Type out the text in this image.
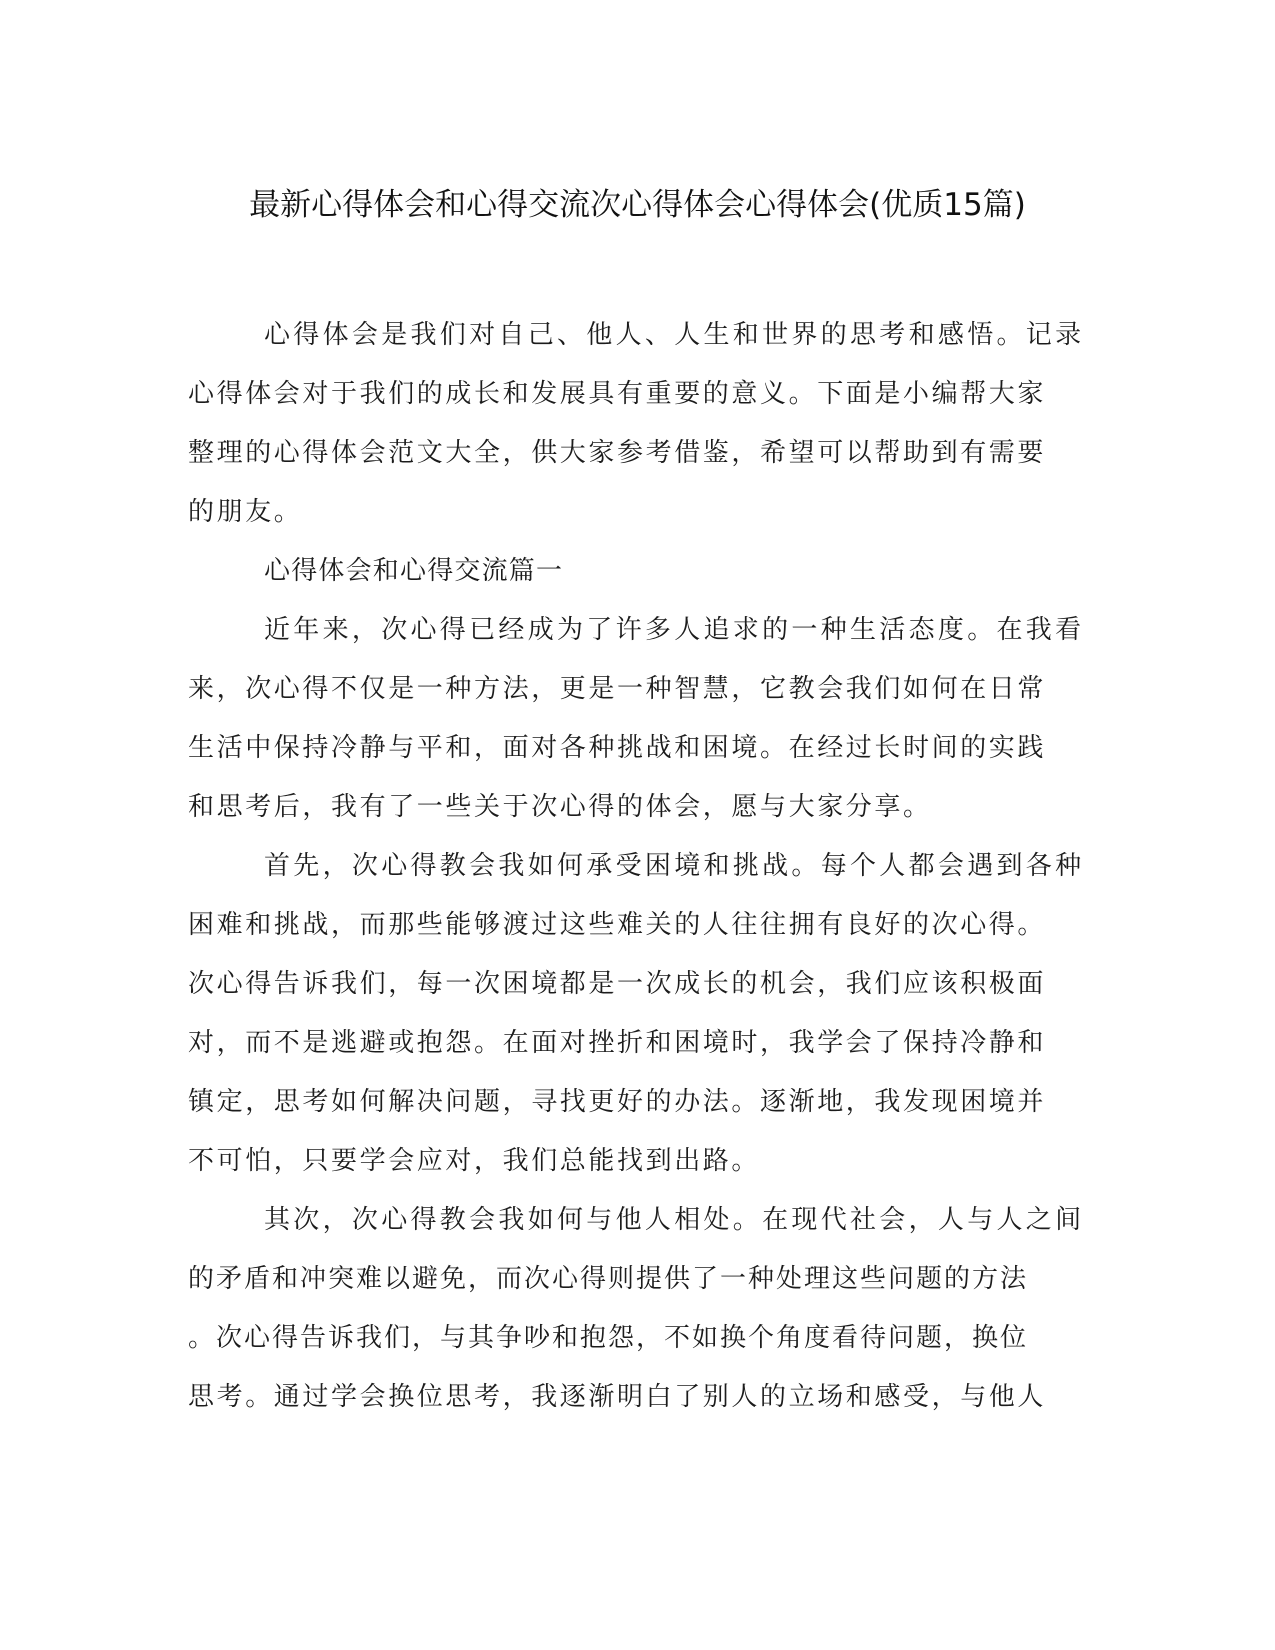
最新心得体会和心得交流次心得体会心得体会(优质15篇)
心得体会是我们对自己、他人、人生和世界的思考和感悟。记录
心得体会对于我们的成长和发展具有重要的意义。下面是小编帮大家
整理的心得体会范文大全，供大家参考借鉴，希望可以帮助到有需要
的朋友。
心得体会和心得交流篇一
近年来，次心得已经成为了许多人追求的一种生活态度。在我看
来，次心得不仅是一种方法，更是一种智慧，它教会我们如何在日常
生活中保持冷静与平和，面对各种挑战和困境。在经过长时间的实践
和思考后，我有了一些关于次心得的体会，愿与大家分享。
首先，次心得教会我如何承受困境和挑战。每个人都会遇到各种
困难和挑战，而那些能够渡过这些难关的人往往拥有良好的次心得。
次心得告诉我们，每一次困境都是一次成长的机会，我们应该积极面
对，而不是逃避或抱怨。在面对挫折和困境时，我学会了保持冷静和
镇定，思考如何解决问题，寻找更好的办法。逐渐地，我发现困境并
不可怕，只要学会应对，我们总能找到出路。
其次，次心得教会我如何与他人相处。在现代社会，人与人之间
的矛盾和冲突难以避免，而次心得则提供了一种处理这些问题的方法
。次心得告诉我们，与其争吵和抱怨，不如换个角度看待问题，换位
思考。通过学会换位思考，我逐渐明白了别人的立场和感受，与他人
